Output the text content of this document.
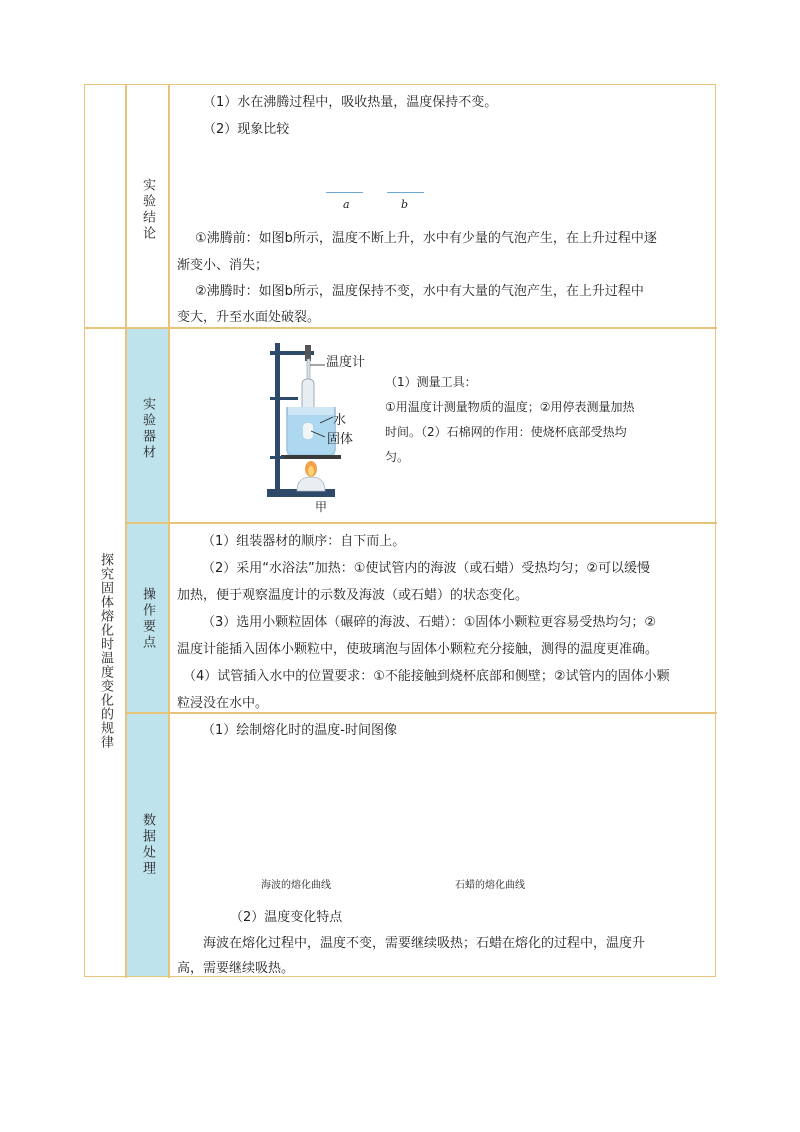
探究固体熔化时温度变化的规律
实验结论
（1）水在沸腾过程中，吸收热量，温度保持不变。
（2）现象比较
a	b
①沸腾前：如图b所示，温度不断上升，水中有少量的气泡产生，在上升过程中逐
渐变小、消失；
②沸腾时：如图b所示，温度保持不变，水中有大量的气泡产生，在上升过程中
变大，升至水面处破裂。
实验器材
温度计
水
固体
甲
（1）测量工具：
①用温度计测量物质的温度；②用停表测量加热
时间。（2）石棉网的作用：使烧杯底部受热均
匀。
操作要点
（1）组装器材的顺序：自下而上。
（2）采用“水浴法”加热：①使试管内的海波（或石蜡）受热均匀；②可以缓慢
加热，便于观察温度计的示数及海波（或石蜡）的状态变化。
（3）选用小颗粒固体（碾碎的海波、石蜡）：①固体小颗粒更容易受热均匀；②
温度计能插入固体小颗粒中，使玻璃泡与固体小颗粒充分接触，测得的温度更准确。
（4）试管插入水中的位置要求：①不能接触到烧杯底部和侧壁；②试管内的固体小颗
粒浸没在水中。
数据处理
（1）绘制熔化时的温度-时间图像
海波的熔化曲线	石蜡的熔化曲线
（2）温度变化特点
海波在熔化过程中，温度不变，需要继续吸热；石蜡在熔化的过程中，温度升
高，需要继续吸热。
